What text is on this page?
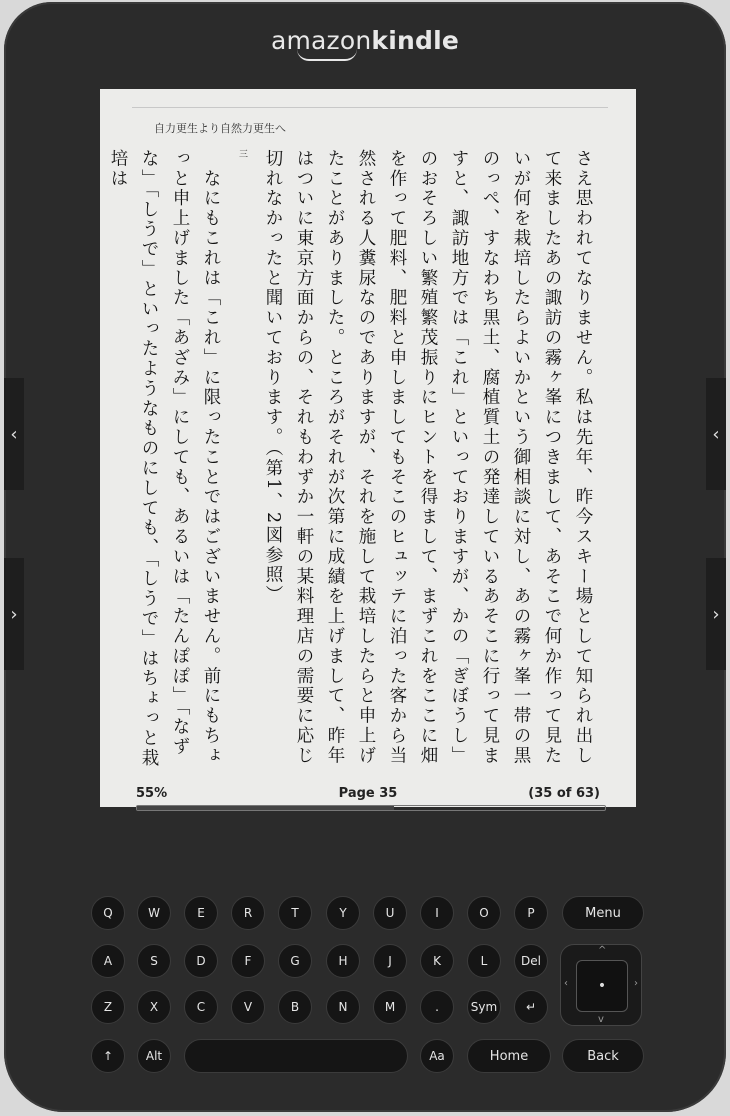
amazonkindle
‹
›
‹
›
自力更生より自然力更生へ

さえ思われてなりません。私は先年、昨今スキー場として知られ出して来ましたあの諏訪の霧ヶ峯につきまして、あそこで何か作って見たいが何を栽培したらよいかという御相談に対し、あの霧ヶ峯一帯の黒のっぺ、すなわち黒土、腐植質土の発達しているあそこに行って見ますと、諏訪地方では「これ」といっておりますが、かの「ぎぼうし」のおそろしい繁殖繁茂振りにヒントを得まして、まずこれをここに畑を作って肥料、肥料と申しましてもそこのヒュッテに泊った客から当然される人糞尿なのでありますが、それを施して栽培したらと申上げたことがありました。ところがそれが次第に成績を上げまして、昨年はついに東京方面からの、それもわずか一軒の某料理店の需要に応じ切れなかったと聞いております。（第1、2図参照）

三

　なにもこれは「これ」に限ったことではございません。前にもちょっと申上げました「あざみ」にしても、あるいは「たんぽぽ」「なずな」「しうで」といったようなものにしても、「しうで」はちょっと栽培は

55%	Page 35	(35 of 63)
Q	W	E	R	T	Y	U	I	O	P
A	S	D	F	G	H	J	K	L
Z	X	C	V	B	N	M	.
Menu
Del
Sym	↵
↑	Alt	Aa	Home	Back
^
‹	›
v
•
